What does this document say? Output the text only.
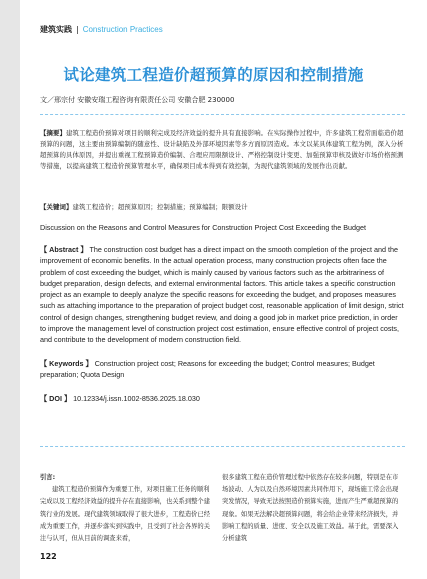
建筑实践 | Construction Practices
试论建筑工程造价超预算的原因和控制措施
文／邢宗付 安徽安瑞工程咨询有限责任公司 安徽合肥 230000
【摘要】建筑工程造价预算对项目的顺利完成及经济效益的提升具有直接影响。在实际操作过程中，许多建筑工程常面临造价超预算的问题，这主要由预算编制的随意性、设计缺陷及外部环境因素等多方面原因造成。本文以某具体建筑工程为例，深入分析超预算的具体原因，并提出重视工程预算造价编制、合理应用限额设计、严格控制设计变更、加强预算审核及做好市场价格预测等措施，以提高建筑工程造价预算管理水平，确保项目成本得到有效控制，为现代建筑领域的发展作出贡献。
【关键词】建筑工程造价；超预算原因；控制措施；预算编制；限额设计
Discussion on the Reasons and Control Measures for Construction Project Cost Exceeding the Budget
【 Abstract 】 The construction cost budget has a direct impact on the smooth completion of the project and the improvement of economic benefits. In the actual operation process, many construction projects often face the problem of cost exceeding the budget, which is mainly caused by various factors such as the arbitrariness of budget preparation, design defects, and external environmental factors. This article takes a specific construction project as an example to deeply analyze the specific reasons for exceeding the budget, and proposes measures such as attaching importance to the preparation of project budget cost, reasonable application of limit design, strict control of design changes, strengthening budget review, and doing a good job in market price prediction, in order to improve the management level of construction project cost estimation, ensure effective control of project costs, and contribute to the development of modern construction field.
【 Keywords 】 Construction project cost; Reasons for exceeding the budget; Control measures; Budget preparation; Quota Design
【 DOI 】 10.12334/j.issn.1002-8536.2025.18.030
引言:
建筑工程造价预算作为重要工作，对项目施工任务的顺利完成以及工程经济效益的提升存在直接影响，也关系到整个建筑行业的发展。现代建筑领域取得了很大进步，工程造价已经成为重要工作，并逐步落实到实践中，且受到了社会各界的关注与认可，但从目前的调查来看，
很多建筑工程在造价管理过程中依然存在较多问题，特别是在市场波动、人为以及自然环境因素共同作用下，现场施工常会出现突发情况，导致无法按照造价预算实施，进而产生严重超预算的现象。如果无法解决超预算问题，将会给企业带来经济损失，并影响工程的质量、进度、安全以及施工效益。基于此，需要深入分析建筑
122
